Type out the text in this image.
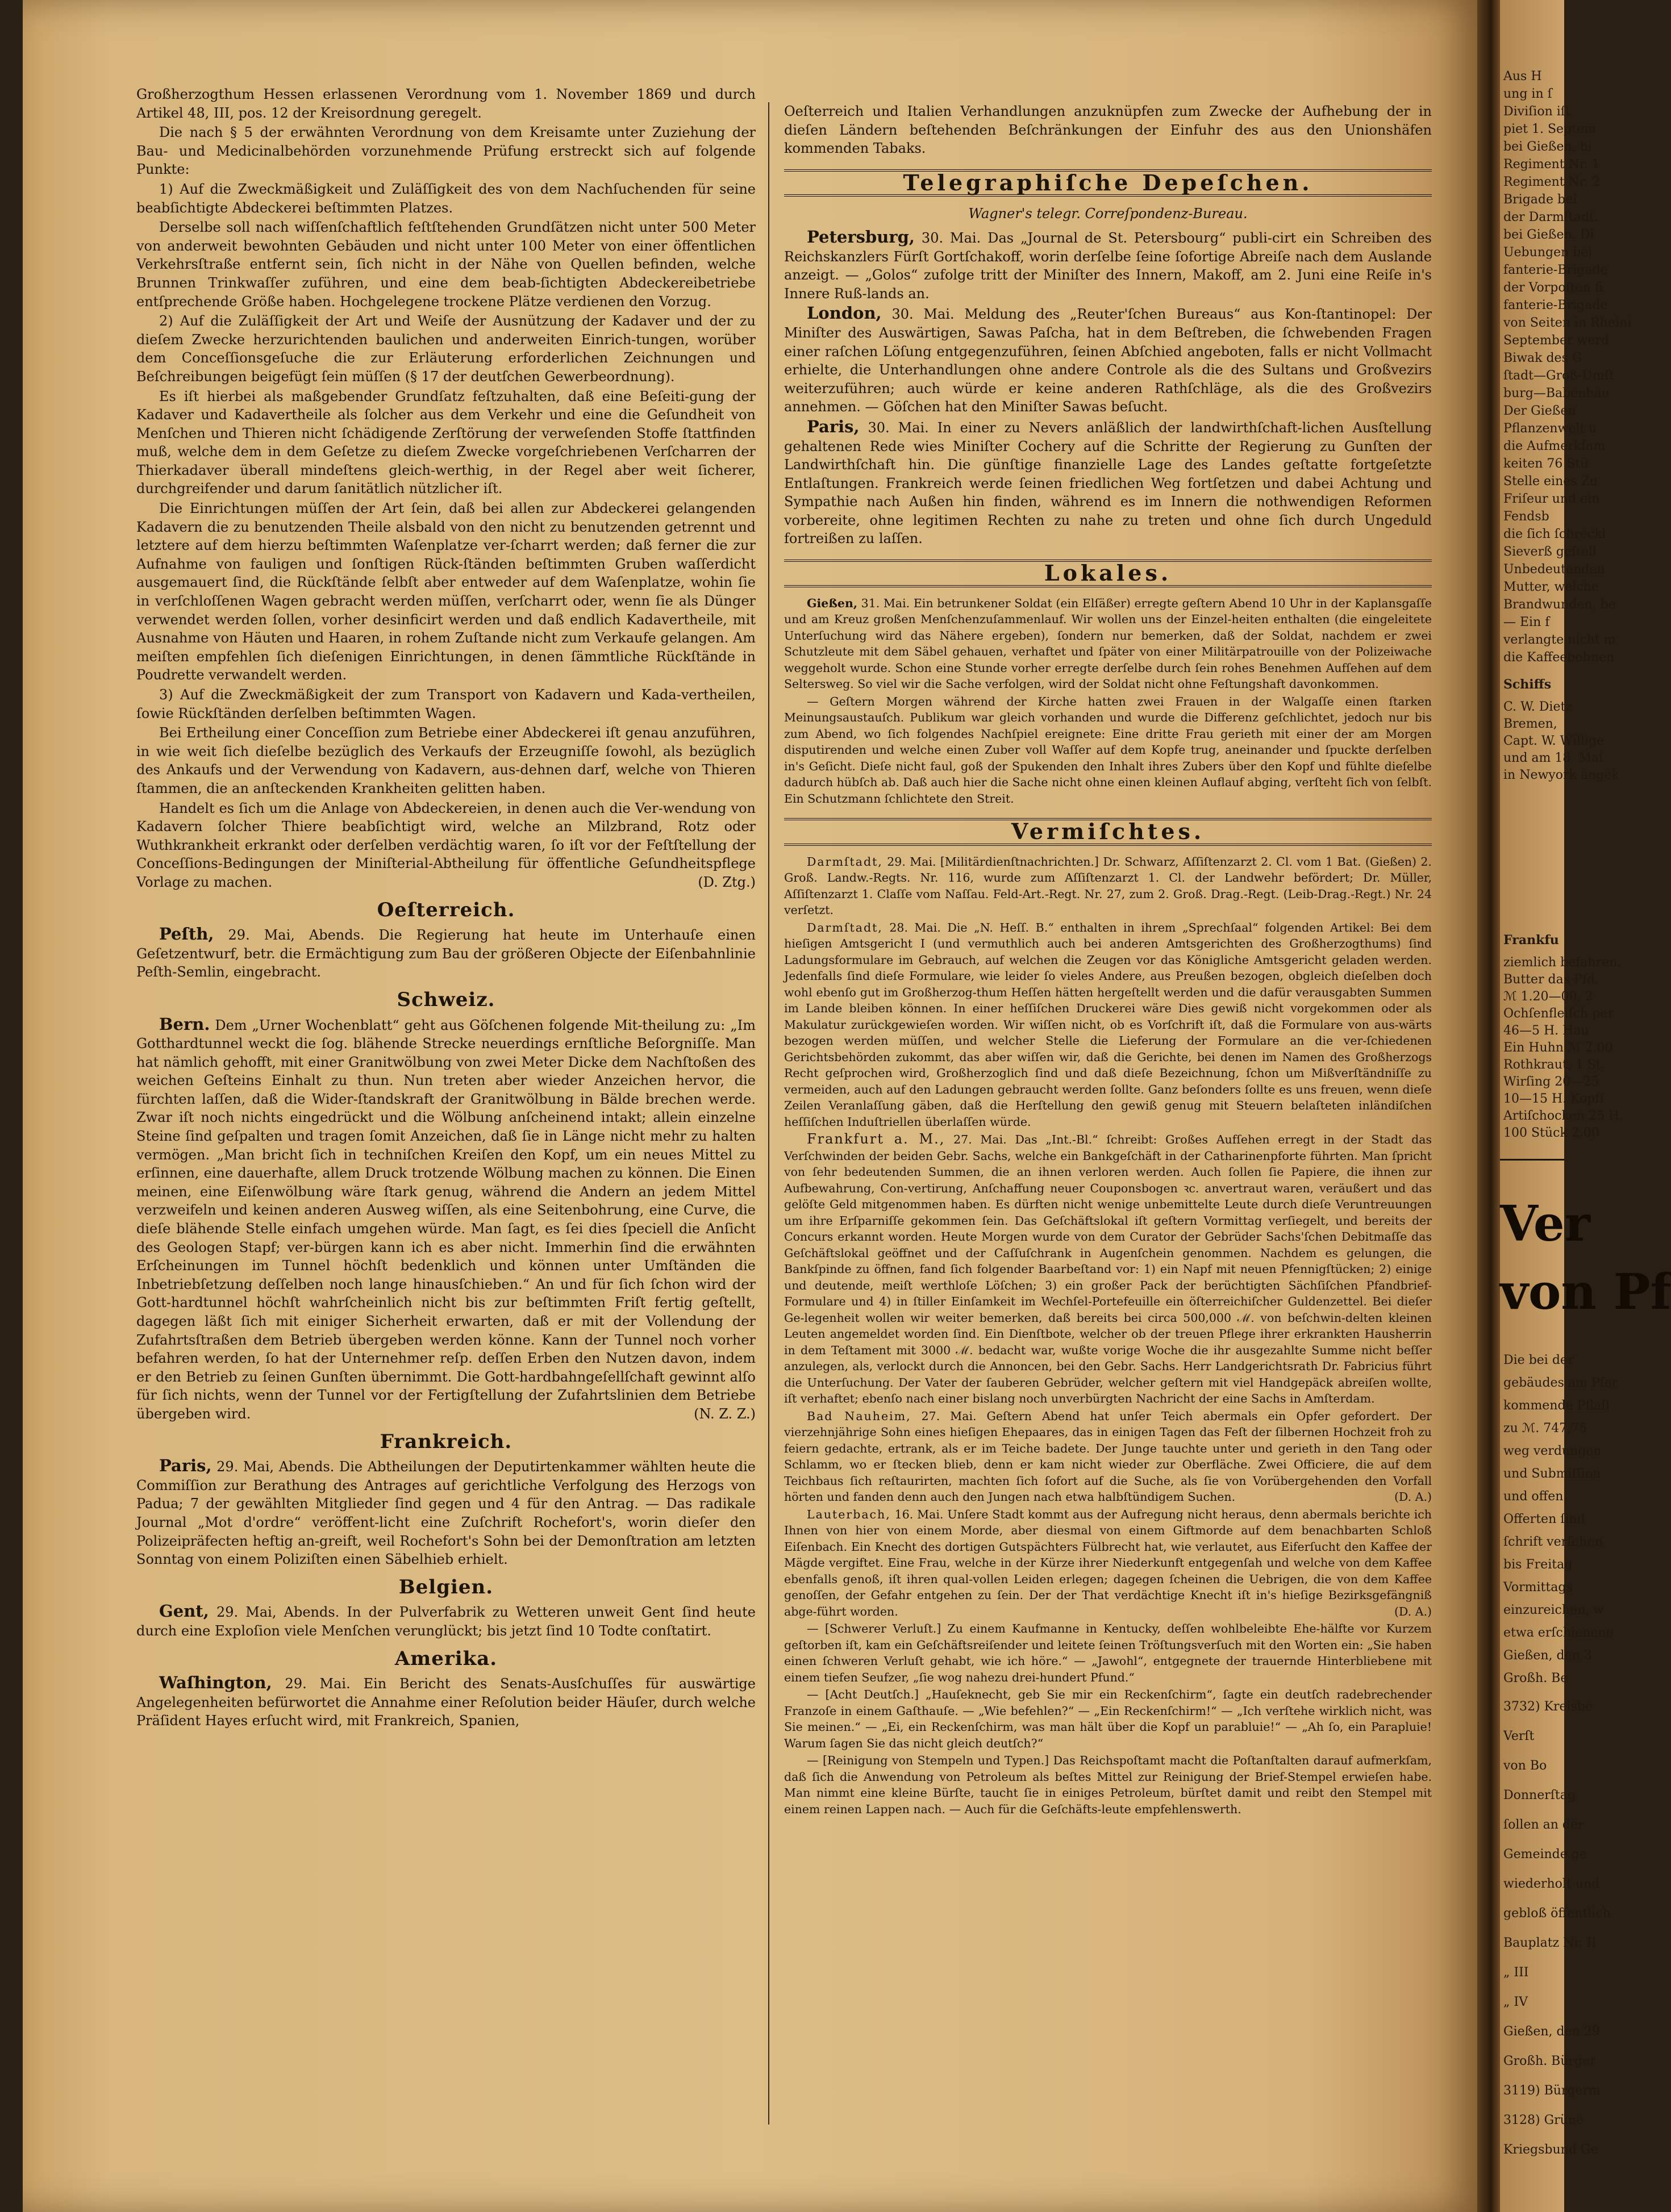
Großherzogthum Hessen erlassenen Verordnung vom 1. November 1869 und durch Artikel 48, III, pos. 12 der Kreisordnung geregelt.

Die nach § 5 der erwähnten Verordnung von dem Kreisamte unter Zuziehung der Bau- und Medicinalbehörden vorzunehmende Prüfung erstreckt sich auf folgende Punkte:

1) Auf die Zweckmäßigkeit und Zuläſſigkeit des von dem Nachſuchenden für seine beabſichtigte Abdeckerei beſtimmten Platzes.

Derselbe soll nach wiſſenſchaftlich feſtſtehenden Grundſätzen nicht unter 500 Meter von anderweit bewohnten Gebäuden und nicht unter 100 Meter von einer öffentlichen Verkehrsſtraße entfernt sein, ſich nicht in der Nähe von Quellen befinden, welche Brunnen Trinkwaſſer zuführen, und eine dem beab-ſichtigten Abdeckereibetriebe entſprechende Größe haben. Hochgelegene trockene Plätze verdienen den Vorzug.

2) Auf die Zuläſſigkeit der Art und Weiſe der Ausnützung der Kadaver und der zu dieſem Zwecke herzurichtenden baulichen und anderweiten Einrich-tungen, worüber dem Conceſſionsgeſuche die zur Erläuterung erforderlichen Zeichnungen und Beſchreibungen beigefügt ſein müſſen (§ 17 der deutſchen Gewerbeordnung).

Es iſt hierbei als maßgebender Grundſatz feſtzuhalten, daß eine Beſeiti-gung der Kadaver und Kadavertheile als ſolcher aus dem Verkehr und eine die Geſundheit von Menſchen und Thieren nicht ſchädigende Zerſtörung der verweſenden Stoffe ſtattfinden muß, welche dem in dem Geſetze zu dieſem Zwecke vorgeſchriebenen Verſcharren der Thierkadaver überall mindeſtens gleich-werthig, in der Regel aber weit ſicherer, durchgreifender und darum ſanitätlich nützlicher iſt.

Die Einrichtungen müſſen der Art ſein, daß bei allen zur Abdeckerei gelangenden Kadavern die zu benutzenden Theile alsbald von den nicht zu benutzenden getrennt und letztere auf dem hierzu beſtimmten Waſenplatze ver-ſcharrt werden; daß ferner die zur Aufnahme von fauligen und ſonſtigen Rück-ſtänden beſtimmten Gruben waſſerdicht ausgemauert ſind, die Rückſtände ſelbſt aber entweder auf dem Waſenplatze, wohin ſie in verſchloſſenen Wagen gebracht werden müſſen, verſcharrt oder, wenn ſie als Dünger verwendet werden ſollen, vorher desinficirt werden und daß endlich Kadavertheile, mit Ausnahme von Häuten und Haaren, in rohem Zuſtande nicht zum Verkaufe gelangen. Am meiſten empfehlen ſich dieſenigen Einrichtungen, in denen ſämmtliche Rückſtände in Poudrette verwandelt werden.

3) Auf die Zweckmäßigkeit der zum Transport von Kadavern und Kada-vertheilen, ſowie Rückſtänden derſelben beſtimmten Wagen.

Bei Ertheilung einer Conceſſion zum Betriebe einer Abdeckerei iſt genau anzuführen, in wie weit ſich dieſelbe bezüglich des Verkaufs der Erzeugniſſe ſowohl, als bezüglich des Ankaufs und der Verwendung von Kadavern, aus-dehnen darf, welche von Thieren ſtammen, die an anſteckenden Krankheiten gelitten haben.

Handelt es ſich um die Anlage von Abdeckereien, in denen auch die Ver-wendung von Kadavern ſolcher Thiere beabſichtigt wird, welche an Milzbrand, Rotz oder Wuthkrankheit erkrankt oder derſelben verdächtig waren, ſo iſt vor der Feſtſtellung der Conceſſions-Bedingungen der Miniſterial-Abtheilung für öffentliche Geſundheitspflege Vorlage zu machen.	(D. Ztg.)

Oeſterreich.

Peſth, 29. Mai, Abends. Die Regierung hat heute im Unterhauſe einen Geſetzentwurf, betr. die Ermächtigung zum Bau der größeren Objecte der Eiſenbahnlinie Peſth-Semlin, eingebracht.

Schweiz.

Bern. Dem „Urner Wochenblatt“ geht aus Göſchenen folgende Mit-theilung zu: „Im Gotthardtunnel weckt die ſog. blähende Strecke neuerdings ernſtliche Beſorgniſſe. Man hat nämlich gehofft, mit einer Granitwölbung von zwei Meter Dicke dem Nachſtoßen des weichen Geſteins Einhalt zu thun. Nun treten aber wieder Anzeichen hervor, die fürchten laſſen, daß die Wider-ſtandskraft der Granitwölbung in Bälde brechen werde. Zwar iſt noch nichts eingedrückt und die Wölbung anſcheinend intakt; allein einzelne Steine ſind geſpalten und tragen ſomit Anzeichen, daß ſie in Länge nicht mehr zu halten vermögen. „Man bricht ſich in techniſchen Kreiſen den Kopf, um ein neues Mittel zu erſinnen, eine dauerhafte, allem Druck trotzende Wölbung machen zu können. Die Einen meinen, eine Eiſenwölbung wäre ſtark genug, während die Andern an jedem Mittel verzweifeln und keinen anderen Ausweg wiſſen, als eine Seitenbohrung, eine Curve, die dieſe blähende Stelle einfach umgehen würde. Man ſagt, es ſei dies ſpeciell die Anſicht des Geologen Stapf; ver-bürgen kann ich es aber nicht. Immerhin ſind die erwähnten Erſcheinungen im Tunnel höchſt bedenklich und können unter Umſtänden die Inbetriebſetzung deſſelben noch lange hinausſchieben.“ An und für ſich ſchon wird der Gott-hardtunnel höchſt wahrſcheinlich nicht bis zur beſtimmten Friſt fertig geſtellt, dagegen läßt ſich mit einiger Sicherheit erwarten, daß er mit der Vollendung der Zufahrtsſtraßen dem Betrieb übergeben werden könne. Kann der Tunnel noch vorher befahren werden, ſo hat der Unternehmer reſp. deſſen Erben den Nutzen davon, indem er den Betrieb zu ſeinen Gunſten übernimmt. Die Gott-hardbahngeſellſchaft gewinnt alſo für ſich nichts, wenn der Tunnel vor der Fertigſtellung der Zufahrtslinien dem Betriebe übergeben wird.	(N. Z. Z.)

Frankreich.

Paris, 29. Mai, Abends. Die Abtheilungen der Deputirtenkammer wählten heute die Commiſſion zur Berathung des Antrages auf gerichtliche Verfolgung des Herzogs von Padua; 7 der gewählten Mitglieder ſind gegen und 4 für den Antrag. — Das radikale Journal „Mot d'ordre“ veröffent-licht eine Zuſchrift Rochefort's, worin dieſer den Polizeipräfecten heftig an-greift, weil Rochefort's Sohn bei der Demonſtration am letzten Sonntag von einem Poliziſten einen Säbelhieb erhielt.

Belgien.

Gent, 29. Mai, Abends. In der Pulverfabrik zu Wetteren unweit Gent ſind heute durch eine Exploſion viele Menſchen verunglückt; bis jetzt ſind 10 Todte conſtatirt.

Amerika.

Waſhington, 29. Mai. Ein Bericht des Senats-Ausſchuſſes für auswärtige Angelegenheiten befürwortet die Annahme einer Reſolution beider Häuſer, durch welche Präſident Hayes erſucht wird, mit Frankreich, Spanien,

Oeſterreich und Italien Verhandlungen anzuknüpfen zum Zwecke der Aufhebung der in dieſen Ländern beſtehenden Beſchränkungen der Einfuhr des aus den Unionshäfen kommenden Tabaks.

Telegraphiſche Depeſchen.
Wagner's telegr. Correſpondenz-Bureau.

Petersburg, 30. Mai. Das „Journal de St. Petersbourg“ publi-cirt ein Schreiben des Reichskanzlers Fürſt Gortſchakoff, worin derſelbe ſeine ſofortige Abreiſe nach dem Auslande anzeigt. — „Golos“ zufolge tritt der Miniſter des Innern, Makoff, am 2. Juni eine Reiſe in's Innere Ruß-lands an.

London, 30. Mai. Meldung des „Reuter'ſchen Bureaus“ aus Kon-ſtantinopel: Der Miniſter des Auswärtigen, Sawas Paſcha, hat in dem Beſtreben, die ſchwebenden Fragen einer raſchen Löſung entgegenzuführen, ſeinen Abſchied angeboten, falls er nicht Vollmacht erhielte, die Unterhandlungen ohne andere Controle als die des Sultans und Großvezirs weiterzuführen; auch würde er keine anderen Rathſchläge, als die des Großvezirs annehmen. — Göſchen hat den Miniſter Sawas beſucht.

Paris, 30. Mai. In einer zu Nevers anläßlich der landwirthſchaft-lichen Ausſtellung gehaltenen Rede wies Miniſter Cochery auf die Schritte der Regierung zu Gunſten der Landwirthſchaft hin. Die günſtige finanzielle Lage des Landes geſtatte fortgeſetzte Entlaſtungen. Frankreich werde ſeinen friedlichen Weg fortſetzen und dabei Achtung und Sympathie nach Außen hin finden, während es im Innern die nothwendigen Reformen vorbereite, ohne legitimen Rechten zu nahe zu treten und ohne ſich durch Ungeduld fortreißen zu laſſen.

Lokales.

Gießen, 31. Mai. Ein betrunkener Soldat (ein Elſäßer) erregte geſtern Abend 10 Uhr in der Kaplansgaſſe und am Kreuz großen Menſchenzuſammenlauf. Wir wollen uns der Einzel-heiten enthalten (die eingeleitete Unterſuchung wird das Nähere ergeben), ſondern nur bemerken, daß der Soldat, nachdem er zwei Schutzleute mit dem Säbel gehauen, verhaftet und ſpäter von einer Militärpatrouille von der Polizeiwache weggeholt wurde. Schon eine Stunde vorher erregte derſelbe durch ſein rohes Benehmen Aufſehen auf dem Seltersweg. So viel wir die Sache verfolgen, wird der Soldat nicht ohne Feſtungshaft davonkommen.

— Geſtern Morgen während der Kirche hatten zwei Frauen in der Walgaſſe einen ſtarken Meinungsaustauſch. Publikum war gleich vorhanden und wurde die Differenz geſchlichtet, jedoch nur bis zum Abend, wo ſich folgendes Nachſpiel ereignete: Eine dritte Frau gerieth mit einer der am Morgen disputirenden und welche einen Zuber voll Waſſer auf dem Kopfe trug, aneinander und ſpuckte derſelben in's Geſicht. Dieſe nicht faul, goß der Spukenden den Inhalt ihres Zubers über den Kopf und fühlte dieſelbe dadurch hübſch ab. Daß auch hier die Sache nicht ohne einen kleinen Auflauf abging, verſteht ſich von ſelbſt. Ein Schutzmann ſchlichtete den Streit.

Vermiſchtes.

Darmſtadt, 29. Mai. [Militärdienſtnachrichten.] Dr. Schwarz, Aſſiſtenzarzt 2. Cl. vom 1 Bat. (Gießen) 2. Groß. Landw.-Regts. Nr. 116, wurde zum Aſſiſtenzarzt 1. Cl. der Landwehr befördert; Dr. Müller, Aſſiſtenzarzt 1. Claſſe vom Naſſau. Feld-Art.-Regt. Nr. 27, zum 2. Groß. Drag.-Regt. (Leib-Drag.-Regt.) Nr. 24 verſetzt.

Darmſtadt, 28. Mai. Die „N. Heſſ. B.“ enthalten in ihrem „Sprechſaal“ folgenden Artikel: Bei dem hieſigen Amtsgericht I (und vermuthlich auch bei anderen Amtsgerichten des Großherzogthums) ſind Ladungsformulare im Gebrauch, auf welchen die Zeugen vor das Königliche Amtsgericht geladen werden. Jedenfalls ſind dieſe Formulare, wie leider ſo vieles Andere, aus Preußen bezogen, obgleich dieſelben doch wohl ebenſo gut im Großherzog-thum Heſſen hätten hergeſtellt werden und die dafür verausgabten Summen im Lande bleiben können. In einer heſſiſchen Druckerei wäre Dies gewiß nicht vorgekommen oder als Makulatur zurückgewieſen worden. Wir wiſſen nicht, ob es Vorſchrift iſt, daß die Formulare von aus-wärts bezogen werden müſſen, und welcher Stelle die Lieferung der Formulare an die ver-ſchiedenen Gerichtsbehörden zukommt, das aber wiſſen wir, daß die Gerichte, bei denen im Namen des Großherzogs Recht geſprochen wird, Großherzoglich ſind und daß dieſe Bezeichnung, ſchon um Mißverſtändniſſe zu vermeiden, auch auf den Ladungen gebraucht werden ſollte. Ganz beſonders ſollte es uns freuen, wenn dieſe Zeilen Veranlaſſung gäben, daß die Herſtellung den gewiß genug mit Steuern belaſteten inländiſchen heſſiſchen Induſtriellen überlaſſen würde.

Frankfurt a. M., 27. Mai. Das „Int.-Bl.“ ſchreibt: Großes Aufſehen erregt in der Stadt das Verſchwinden der beiden Gebr. Sachs, welche ein Bankgeſchäft in der Catharinenpforte führten. Man ſpricht von ſehr bedeutenden Summen, die an ihnen verloren werden. Auch ſollen ſie Papiere, die ihnen zur Aufbewahrung, Con-vertirung, Anſchaffung neuer Couponsbogen ꝛc. anvertraut waren, veräußert und das gelöſte Geld mitgenommen haben. Es dürften nicht wenige unbemittelte Leute durch dieſe Veruntreuungen um ihre Erſparniſſe gekommen ſein. Das Geſchäftslokal iſt geſtern Vormittag verſiegelt, und bereits der Concurs erkannt worden. Heute Morgen wurde von dem Curator der Gebrüder Sachs'ſchen Debitmaſſe das Geſchäftslokal geöffnet und der Caſſuſchrank in Augenſchein genommen. Nachdem es gelungen, die Bankſpinde zu öffnen, fand ſich folgender Baarbeſtand vor: 1) ein Napf mit neuen Pfennigſtücken; 2) einige und deutende, meiſt werthloſe Löſchen; 3) ein großer Pack der berüchtigten Sächſiſchen Pfandbrief-Formulare und 4) in ſtiller Einſamkeit im Wechſel-Portefeuille ein öſterreichiſcher Guldenzettel. Bei dieſer Ge-legenheit wollen wir weiter bemerken, daß bereits bei circa 500,000 ℳ. von beſchwin-delten kleinen Leuten angemeldet worden ſind. Ein Dienſtbote, welcher ob der treuen Pflege ihrer erkrankten Hausherrin in dem Teſtament mit 3000 ℳ. bedacht war, wußte vorige Woche die ihr ausgezahlte Summe nicht beſſer anzulegen, als, verlockt durch die Annoncen, bei den Gebr. Sachs. Herr Landgerichtsrath Dr. Fabricius führt die Unterſuchung. Der Vater der ſauberen Gebrüder, welcher geſtern mit viel Handgepäck abreiſen wollte, iſt verhaftet; ebenſo nach einer bislang noch unverbürgten Nachricht der eine Sachs in Amſterdam.

Bad Nauheim, 27. Mai. Geſtern Abend hat unſer Teich abermals ein Opfer gefordert. Der vierzehnjährige Sohn eines hieſigen Ehepaares, das in einigen Tagen das Feſt der ſilbernen Hochzeit froh zu feiern gedachte, ertrank, als er im Teiche badete. Der Junge tauchte unter und gerieth in den Tang oder Schlamm, wo er ſtecken blieb, denn er kam nicht wieder zur Oberfläche. Zwei Officiere, die auf dem Teichbaus ſich reſtaurirten, machten ſich ſofort auf die Suche, als ſie von Vorübergehenden den Vorfall hörten und fanden denn auch den Jungen nach etwa halbſtündigem Suchen.	(D. A.)

Lauterbach, 16. Mai. Unſere Stadt kommt aus der Aufregung nicht heraus, denn abermals berichte ich Ihnen von hier von einem Morde, aber diesmal von einem Giftmorde auf dem benachbarten Schloß Eiſenbach. Ein Knecht des dortigen Gutspächters Fülbrecht hat, wie verlautet, aus Eiferſucht den Kaffee der Mägde vergiftet. Eine Frau, welche in der Kürze ihrer Niederkunft entgegenſah und welche von dem Kaffee ebenfalls genoß, iſt ihren qual-vollen Leiden erlegen; dagegen ſcheinen die Uebrigen, die von dem Kaffee genoſſen, der Gefahr entgehen zu ſein. Der der That verdächtige Knecht iſt in's hieſige Bezirksgefängniß abge-führt worden.	(D. A.)

— [Schwerer Verluſt.] Zu einem Kaufmanne in Kentucky, deſſen wohlbeleibte Ehe-hälfte vor Kurzem geſtorben iſt, kam ein Geſchäftsreiſender und leitete ſeinen Tröſtungsverſuch mit den Worten ein: „Sie haben einen ſchweren Verluſt gehabt, wie ich höre.“ — „Jawohl“, entgegnete der trauernde Hinterbliebene mit einem tiefen Seufzer, „ſie wog nahezu drei-hundert Pfund.“

— [Acht Deutſch.] „Hauſeknecht, geb Sie mir ein Reckenſchirm“, ſagte ein deutſch radebrechender Franzoſe in einem Gaſthauſe. — „Wie befehlen?“ — „Ein Reckenſchirm!“ — „Ich verſtehe wirklich nicht, was Sie meinen.“ — „Ei, ein Reckenſchirm, was man hält über die Kopf un parabluie!“ — „Ah ſo, ein Parapluie! Warum ſagen Sie das nicht gleich deutſch?“

— [Reinigung von Stempeln und Typen.] Das Reichspoſtamt macht die Poſtanſtalten darauf aufmerkſam, daß ſich die Anwendung von Petroleum als beſtes Mittel zur Reinigung der Brief-Stempel erwieſen habe. Man nimmt eine kleine Bürſte, taucht ſie in einiges Petroleum, bürſtet damit und reibt den Stempel mit einem reinen Lappen nach. — Auch für die Geſchäfts-leute empfehlenswerth.

Aus H
ung in ſ
Diviſion iſt
piet 1. Septem
bei Gießen, bi
Regiment Nr. 1
Regiment Nr. 2
Brigade bei
der Darmſtadt.
bei Gießen. Di
Uebungen bei
fanterie-Brigade
der Vorpoſten fi
fanterie-Brigade
von Seiten in Rheini
September werd
Biwak des G
ſtadt—Groß-Umſt
burg—Babenhau
Der Gießen
Pflanzenwelt u
die Aufmerkſam
keiten 76 Stü
Stelle eines Zu
Friſeur und ein
Fendsb
die ſich ſchreckl
Sieverß geſtell
Unbedeutenden
Mutter, welche
Brandwunden, be
— Ein f
verlangte nicht m
die Kaffeebohnen
Schiffs
C. W. Dietz
Bremen,
Capt. W. Willige
und am 18. Mai
in Newyork angek
Frankfu
ziemlich befahren.
Butter das Pfd.
ℳ 1.20—00, 2
Ochſenfleiſch per
46—5 H. Hau
Ein Huhn ℳ 2.00
Rothkraut, 1 St.
Wirſing 20—25
10—15 H. Kopfſ
Artiſchocken 25 H.
100 Stück 2.00
Ver
von Pf
Die bei der
gebäudes am Pfer
kommende Pflaſt
zu ℳ. 747,75
weg verdungen
und Submiſſion
und offen.
Offerten ſind
ſchrift verſehen
bis Freitag
Vormittags
einzureichen, w
etwa erſchienene
Gießen, den 3
Großh. Be
3732) Kreisbe
Verſt
von Bo
Donnerſtag
ſollen an der
Gemeinde ge
wiederholt und
gebloß öffentlich
Bauplatz Nr. II
„ III
„ IV
Gießen, den 29
Großh. Bürger
3119) Bürgerm
3128) Grüne
Kriegsbund Ge
